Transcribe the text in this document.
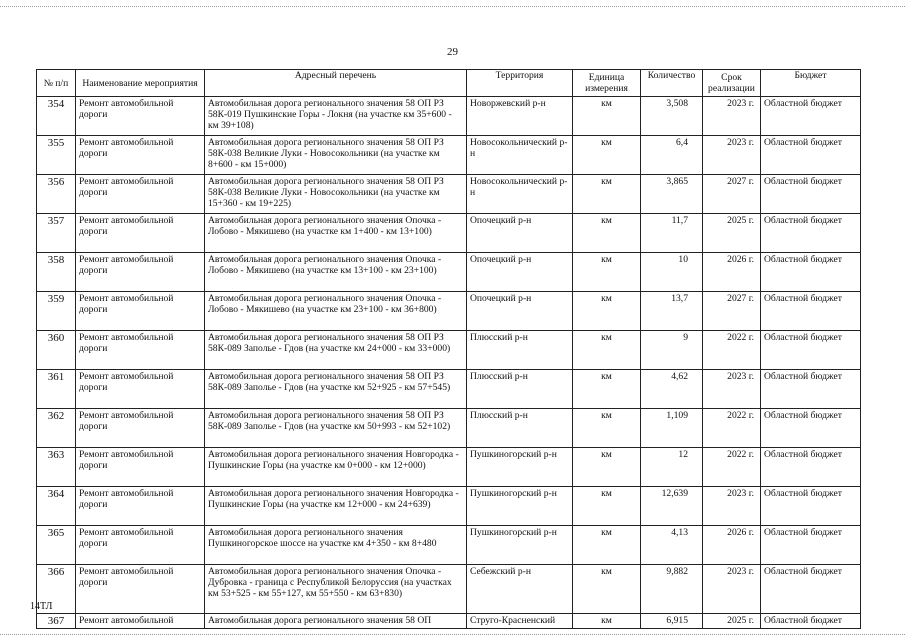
29
№ п/п	Наименование мероприятия	Адресный перечень	Территория	Единица измерения	Количество	Срок реализации	Бюджет
354	Ремонт автомобильной дороги	Автомобильная дорога регионального значения 58 ОП РЗ 58К-019 Пушкинские Горы - Локня (на участке км 35+600 - км 39+108)	Новоржевский р-н	км	3,508	2023 г.	Областной бюджет
355	Ремонт автомобильной дороги	Автомобильная дорога регионального значения 58 ОП РЗ 58К-038 Великие Луки - Новосокольники (на участке км 8+600 - км 15+000)	Новосокольнический р-н	км	6,4	2023 г.	Областной бюджет
356	Ремонт автомобильной дороги	Автомобильная дорога регионального значения 58 ОП РЗ 58К-038 Великие Луки - Новосокольники (на участке км 15+360 - км 19+225)	Новосокольнический р-н	км	3,865	2027 г.	Областной бюджет
357	Ремонт автомобильной дороги	Автомобильная дорога регионального значения Опочка - Лобово - Мякишево (на участке км 1+400 - км 13+100)	Опочецкий р-н	км	11,7	2025 г.	Областной бюджет
358	Ремонт автомобильной дороги	Автомобильная дорога регионального значения Опочка - Лобово - Мякишево (на участке км 13+100 - км 23+100)	Опочецкий р-н	км	10	2026 г.	Областной бюджет
359	Ремонт автомобильной дороги	Автомобильная дорога регионального значения Опочка - Лобово - Мякишево (на участке км 23+100 - км 36+800)	Опочецкий р-н	км	13,7	2027 г.	Областной бюджет
360	Ремонт автомобильной дороги	Автомобильная дорога регионального значения 58 ОП РЗ 58К-089 Заполье - Гдов (на участке км 24+000 - км 33+000)	Плюсский р-н	км	9	2022 г.	Областной бюджет
361	Ремонт автомобильной дороги	Автомобильная дорога регионального значения 58 ОП РЗ 58К-089 Заполье - Гдов (на участке км 52+925 - км 57+545)	Плюсский р-н	км	4,62	2023 г.	Областной бюджет
362	Ремонт автомобильной дороги	Автомобильная дорога регионального значения 58 ОП РЗ 58К-089 Заполье - Гдов (на участке км 50+993 - км 52+102)	Плюсский р-н	км	1,109	2022 г.	Областной бюджет
363	Ремонт автомобильной дороги	Автомобильная дорога регионального значения Новгородка - Пушкинские Горы (на участке км 0+000 - км 12+000)	Пушкиногорский р-н	км	12	2022 г.	Областной бюджет
364	Ремонт автомобильной дороги	Автомобильная дорога регионального значения Новгородка - Пушкинские Горы (на участке км 12+000 - км 24+639)	Пушкиногорский р-н	км	12,639	2023 г.	Областной бюджет
365	Ремонт автомобильной дороги	Автомобильная дорога регионального значения Пушкиногорское шоссе на участке км 4+350 - км 8+480	Пушкиногорский р-н	км	4,13	2026 г.	Областной бюджет
366	Ремонт автомобильной дороги	Автомобильная дорога регионального значения Опочка - Дубровка - граница с Республикой Белоруссия (на участках км 53+525 - км 55+127, км 55+550 - км 63+830)	Себежский р-н	км	9,882	2023 г.	Областной бюджет
367	Ремонт автомобильной	Автомобильная дорога регионального значения 58 ОП	Струго-Красненский	км	6,915	2025 г.	Областной бюджет
14ТЛ
